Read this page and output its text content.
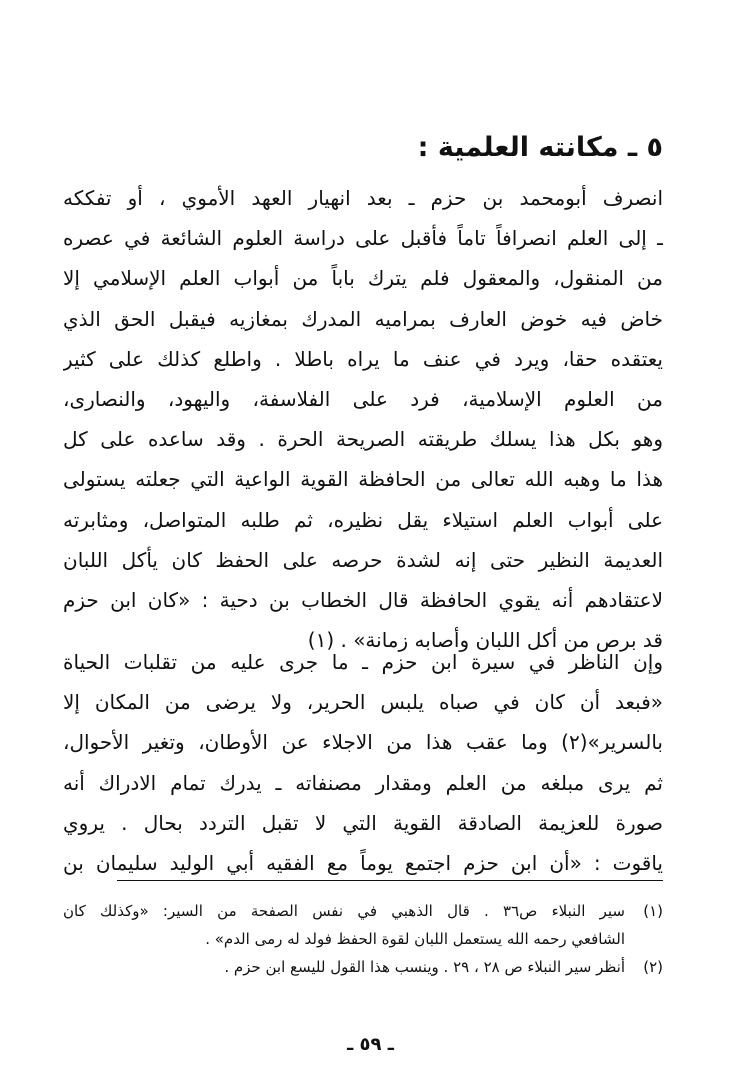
٥ ـ مكانته العلمية :
انصرف أبومحمد بن حزم ـ بعد انهيار العهد الأموي ، أو تفككه
ـ إلى العلم انصرافاً تاماً فأقبل على دراسة العلوم الشائعة في عصره
من المنقول، والمعقول فلم يترك باباً من أبواب العلم الإسلامي إلا
خاض فيه خوض العارف بمراميه المدرك بمغازيه فيقبل الحق الذي
يعتقده حقا، ويرد في عنف ما يراه باطلا . واطلع كذلك على كثير
من العلوم الإسلامية، فرد على الفلاسفة، واليهود، والنصارى،
وهو بكل هذا يسلك طريقته الصريحة الحرة . وقد ساعده على كل
هذا ما وهبه الله تعالى من الحافظة القوية الواعية التي جعلته يستولى
على أبواب العلم استيلاء يقل نظيره، ثم طلبه المتواصل، ومثابرته
العديمة النظير حتى إنه لشدة حرصه على الحفظ كان يأكل اللبان
لاعتقادهم أنه يقوي الحافظة قال الخطاب بن دحية : «كان ابن حزم
قد برص من أكل اللبان وأصابه زمانة» . (١)
وإن الناظر في سيرة ابن حزم ـ ما جرى عليه من تقلبات الحياة
«فبعد أن كان في صباه يلبس الحرير، ولا يرضى من المكان إلا
بالسرير»(٢) وما عقب هذا من الاجلاء عن الأوطان، وتغير الأحوال،
ثم يرى مبلغه من العلم ومقدار مصنفاته ـ يدرك تمام الادراك أنه
صورة للعزيمة الصادقة القوية التي لا تقبل التردد بحال . يروي
ياقوت : «أن ابن حزم اجتمع يوماً مع الفقيه أبي الوليد سليمان بن
(١)سير النبلاء ص٣٦ . قال الذهبي في نفس الصفحة من السير: «وكذلك كان
الشافعي رحمه الله يستعمل اللبان لقوة الحفظ فولد له رمى الدم» .
(٢)أنظر سير النبلاء ص ٢٨ ، ٢٩ . وينسب هذا القول لليسع ابن حزم .
ـ ٥٩ ـ
